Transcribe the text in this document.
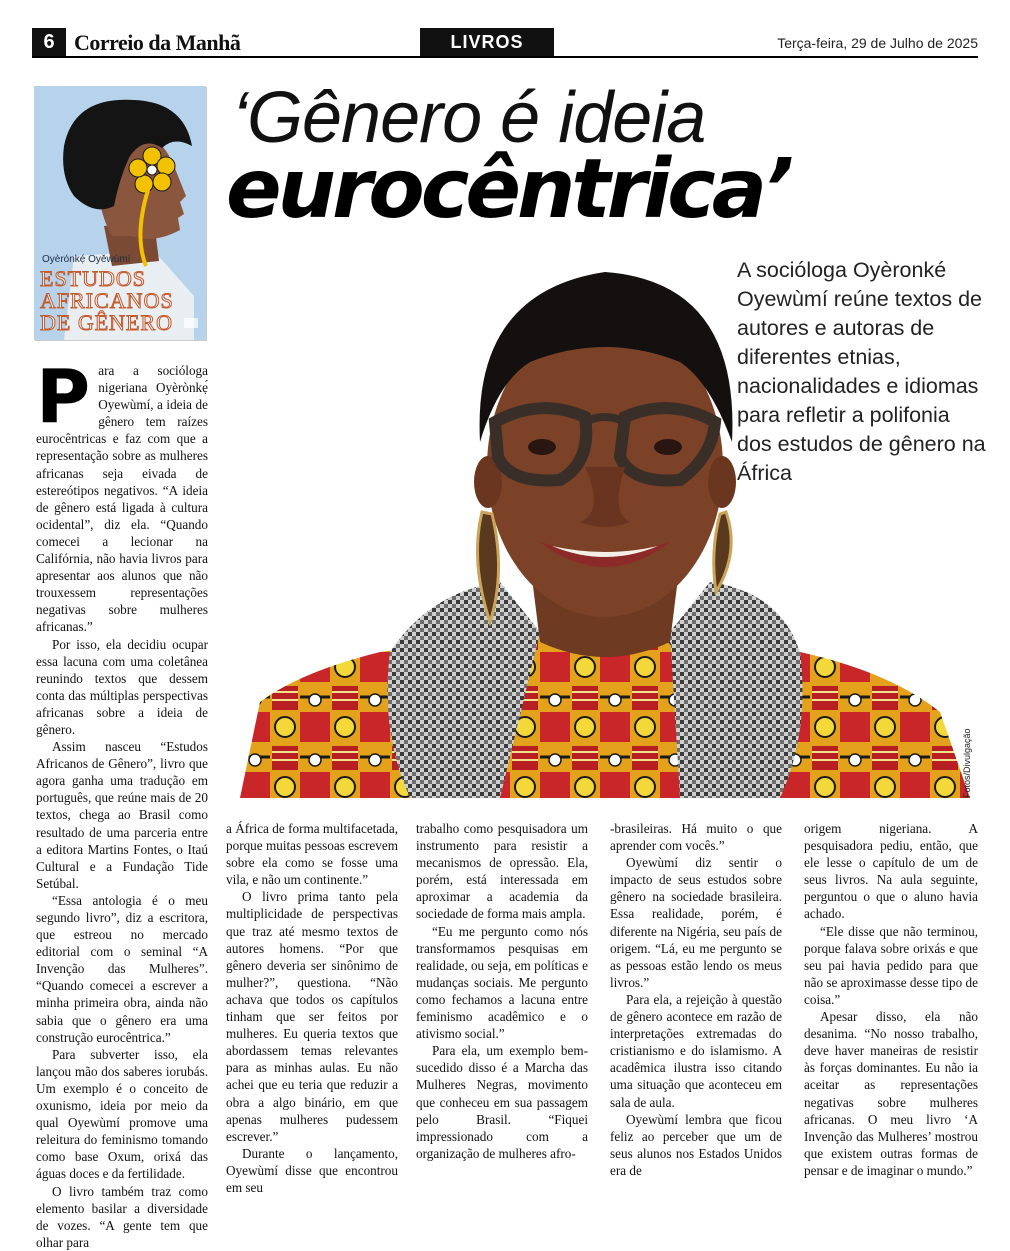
6 Correio da Manhã	LIVROS	Terça-feira, 29 de Julho de 2025
Oyèrónkẹ́ Oyěwùmí
ESTUDOS
AFRICANOS
DE GÊNERO
‘Gênero é ideia
eurocêntrica’
Fotos/Divulgação
A socióloga Oyèronké Oyewùmí reúne textos de autores e autoras de diferentes etnias, nacionalidades e idiomas para refletir a polifonia dos estudos de gênero na África
P ara a socióloga nigeriana Oyèrònkẹ́ Oyewùmí, a ideia de gênero tem raízes eurocêntricas e faz com que a representação sobre as mulheres africanas seja eivada de estereótipos negativos. “A ideia de gênero está ligada à cultura ocidental”, diz ela. “Quando comecei a lecionar na Califórnia, não havia livros para apresentar aos alunos que não trouxessem representações negativas sobre mulheres africanas.”

Por isso, ela decidiu ocupar essa lacuna com uma coletânea reunindo textos que dessem conta das múltiplas perspectivas africanas sobre a ideia de gênero.

Assim nasceu “Estudos Africanos de Gênero”, livro que agora ganha uma tradução em português, que reúne mais de 20 textos, chega ao Brasil como resultado de uma parceria entre a editora Martins Fontes, o Itaú Cultural e a Fundação Tide Setúbal.

“Essa antologia é o meu segundo livro”, diz a escritora, que estreou no mercado editorial com o seminal “A Invenção das Mulheres”. “Quando comecei a escrever a minha primeira obra, ainda não sabia que o gênero era uma construção eurocêntrica.”

Para subverter isso, ela lançou mão dos saberes iorubás. Um exemplo é o conceito de oxunismo, ideia por meio da qual Oyewùmí promove uma releitura do feminismo tomando como base Oxum, orixá das águas doces e da fertilidade.

O livro também traz como elemento basilar a diversidade de vozes. “A gente tem que olhar para

a África de forma multifacetada, porque muitas pessoas escrevem sobre ela como se fosse uma vila, e não um continente.”

O livro prima tanto pela multiplicidade de perspectivas que traz até mesmo textos de autores homens. “Por que gênero deveria ser sinônimo de mulher?”, questiona. “Não achava que todos os capítulos tinham que ser feitos por mulheres. Eu queria textos que abordassem temas relevantes para as minhas aulas. Eu não achei que eu teria que reduzir a obra a algo binário, em que apenas mulheres pudessem escrever.”

Durante o lançamento, Oyewùmí disse que encontrou em seu

trabalho como pesquisadora um instrumento para resistir a mecanismos de opressão. Ela, porém, está interessada em aproximar a academia da sociedade de forma mais ampla.

“Eu me pergunto como nós transformamos pesquisas em realidade, ou seja, em políticas e mudanças sociais. Me pergunto como fechamos a lacuna entre feminismo acadêmico e o ativismo social.”

Para ela, um exemplo bem-sucedido disso é a Marcha das Mulheres Negras, movimento que conheceu em sua passagem pelo Brasil. “Fiquei impressionado com a organização de mulheres afro-

-brasileiras. Há muito o que aprender com vocês.”

Oyewùmí diz sentir o impacto de seus estudos sobre gênero na sociedade brasileira. Essa realidade, porém, é diferente na Nigéria, seu país de origem. “Lá, eu me pergunto se as pessoas estão lendo os meus livros.”

Para ela, a rejeição à questão de gênero acontece em razão de interpretações extremadas do cristianismo e do islamismo. A acadêmica ilustra isso citando uma situação que aconteceu em sala de aula.

Oyewùmí lembra que ficou feliz ao perceber que um de seus alunos nos Estados Unidos era de

origem nigeriana. A pesquisadora pediu, então, que ele lesse o capítulo de um de seus livros. Na aula seguinte, perguntou o que o aluno havia achado.

“Ele disse que não terminou, porque falava sobre orixás e que seu pai havia pedido para que não se aproximasse desse tipo de coisa.”

Apesar disso, ela não desanima. “No nosso trabalho, deve haver maneiras de resistir às forças dominantes. Eu não ia aceitar as representações negativas sobre mulheres africanas. O meu livro ‘A Invenção das Mulheres’ mostrou que existem outras formas de pensar e de imaginar o mundo.”
